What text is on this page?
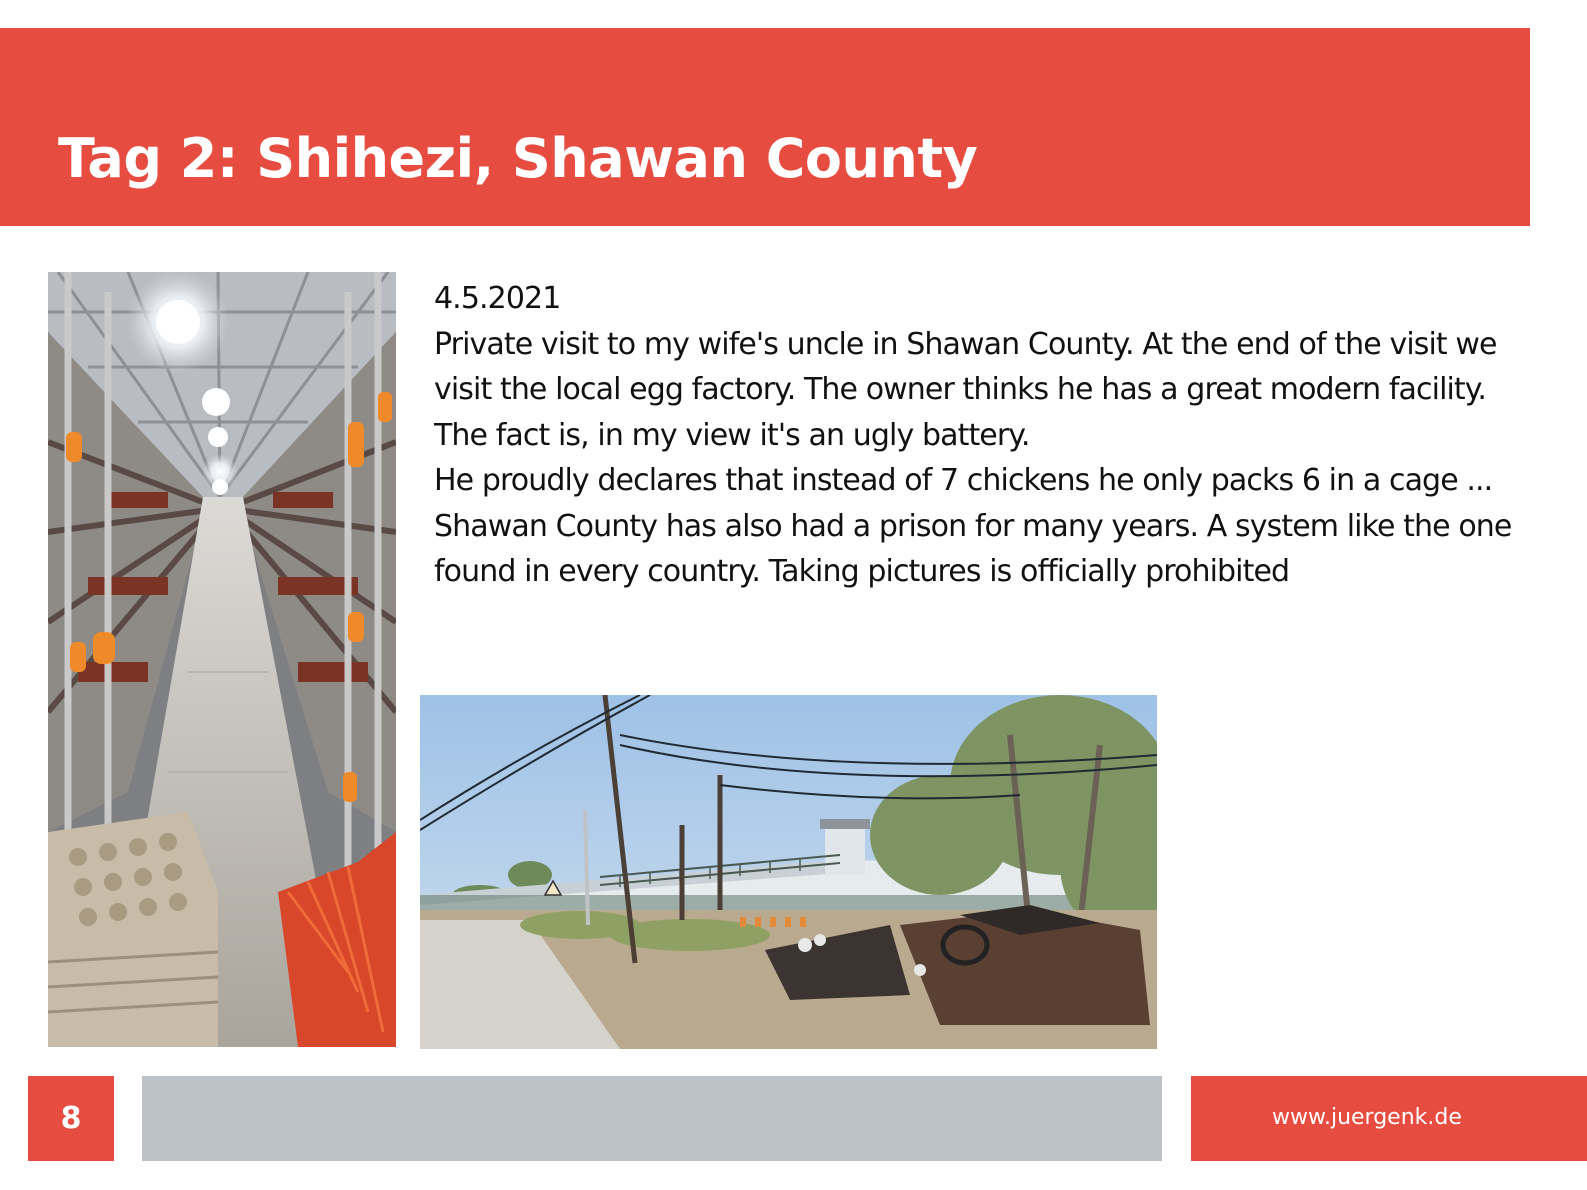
Tag 2: Shihezi, Shawan County
4.5.2021
Private visit to my wife's uncle in Shawan County. At the end of the visit we
visit the local egg factory. The owner thinks he has a great modern facility.
The fact is, in my view it's an ugly battery.
He proudly declares that instead of 7 chickens he only packs 6 in a cage ...
Shawan County has also had a prison for many years. A system like the one
found in every country. Taking pictures is officially prohibited
8	www.juergenk.de
